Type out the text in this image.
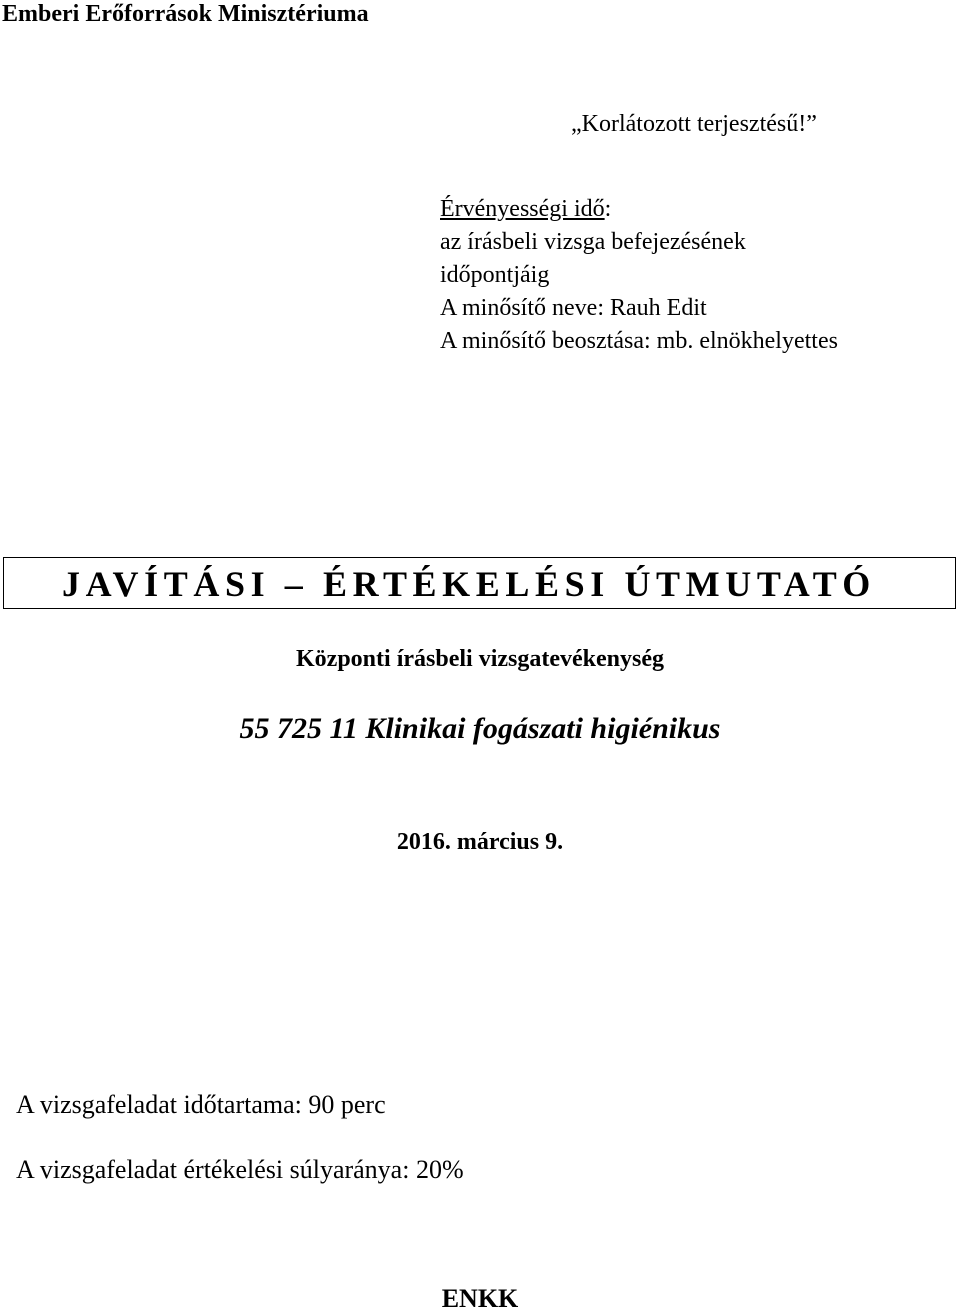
Emberi Erőforrások Minisztériuma
„Korlátozott terjesztésű!”
Érvényességi idő:
az írásbeli vizsga befejezésének
időpontjáig
A minősítő neve: Rauh Edit
A minősítő beosztása: mb. elnökhelyettes
JAVÍTÁSI – ÉRTÉKELÉSI ÚTMUTATÓ
Központi írásbeli vizsgatevékenység
55 725 11 Klinikai fogászati higiénikus
2016. március 9.
A vizsgafeladat időtartama: 90 perc
A vizsgafeladat értékelési súlyaránya: 20%
ENKK
